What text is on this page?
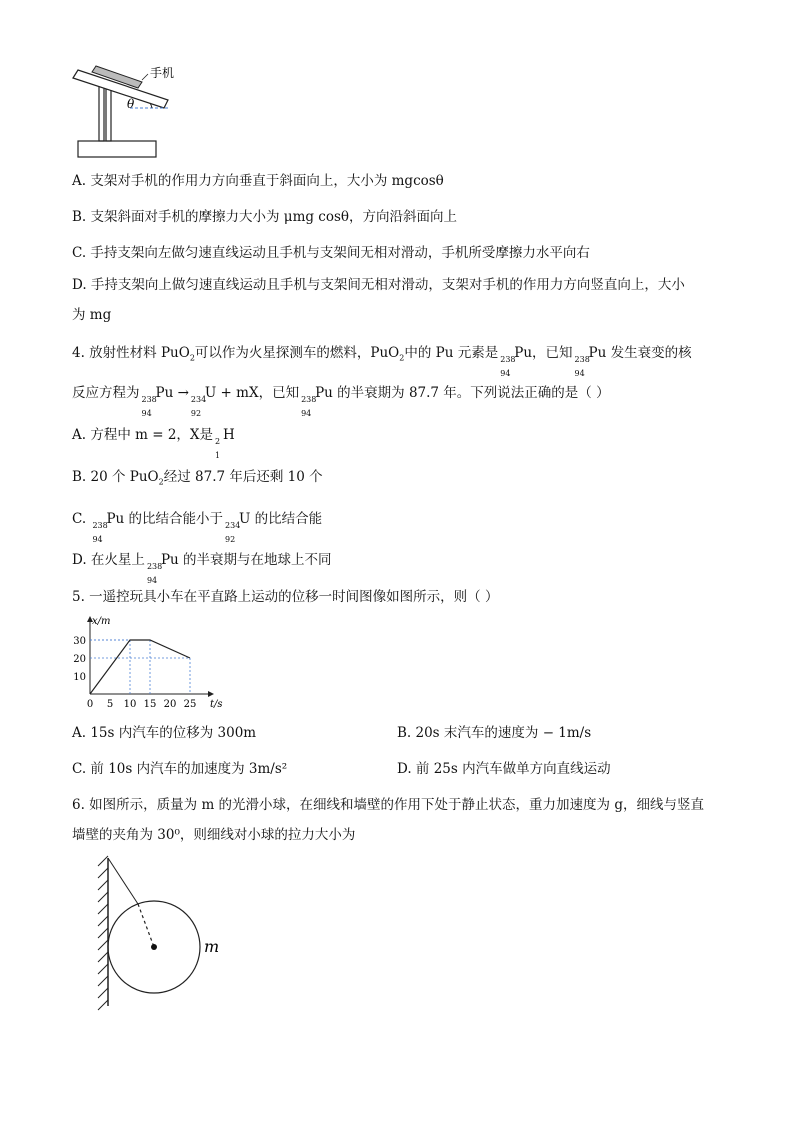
手机
θ
A. 支架对手机的作用力方向垂直于斜面向上，大小为 mgcosθ
B. 支架斜面对手机的摩擦力大小为 μmg cosθ，方向沿斜面向上
C. 手持支架向左做匀速直线运动且手机与支架间无相对滑动，手机所受摩擦力水平向右
D. 手持支架向上做匀速直线运动且手机与支架间无相对滑动，支架对手机的作用力方向竖直向上，大小
为 mg
4. 放射性材料 PuO$_2$可以作为火星探测车的燃料，PuO$_2$中的 Pu 元素是 238
94
Pu，已知 238
94
Pu 发生衰变的核
反应方程为 238
94
Pu → 234
92
U + mX，已知 238
94
Pu 的半衰期为 87.7 年。下列说法正确的是（ ）
A. 方程中 m = 2，X是 2
1
H
B. 20 个 PuO$_2$经过 87.7 年后还剩 10 个
C. 238
94
Pu 的比结合能小于 234
92
U 的比结合能
D. 在火星上 238
94
Pu 的半衰期与在地球上不同
5. 一遥控玩具小车在平直路上运动的位移一时间图像如图所示，则（ ）
0 5 10 15 20 25
10
20
30
t/s
x/m
A. 15s 内汽车的位移为 300m	B. 20s 末汽车的速度为 − 1m/s
C. 前 10s 内汽车的加速度为 3m/s²	D. 前 25s 内汽车做单方向直线运动
6. 如图所示，质量为 m 的光滑小球，在细线和墙壁的作用下处于静止状态，重力加速度为 g，细线与竖直
墙壁的夹角为 30⁰，则细线对小球的拉力大小为
m
